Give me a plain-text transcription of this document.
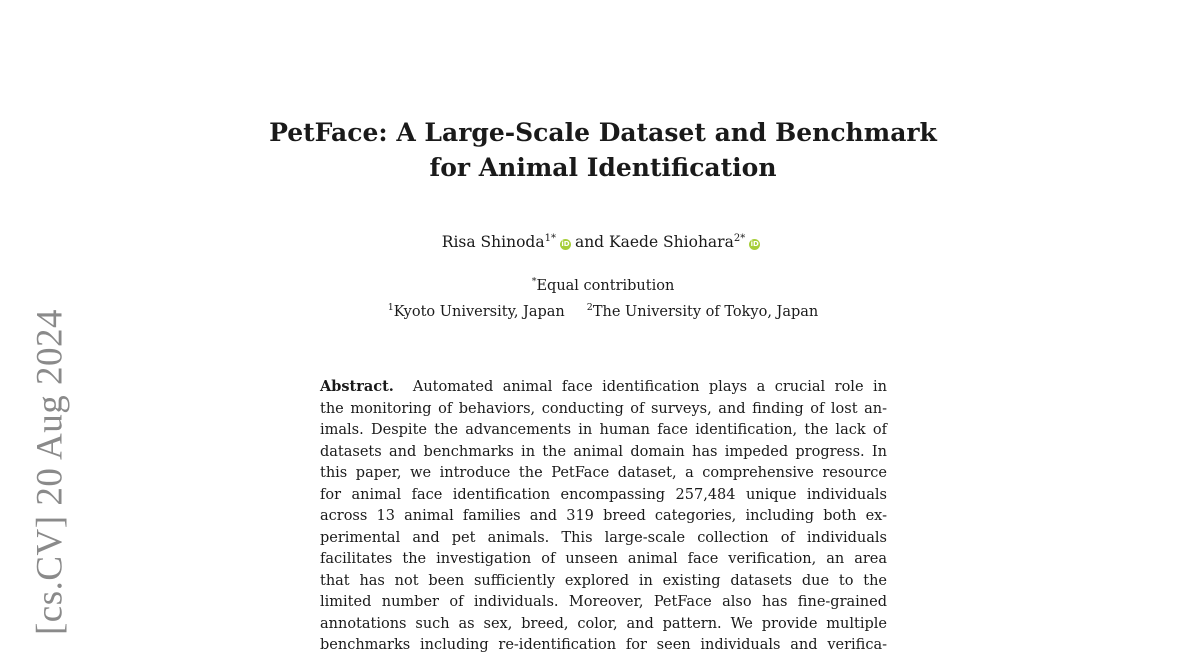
[cs.CV] 20 Aug 2024
PetFace: A Large-Scale Dataset and Benchmark
for Animal Identification
Risa Shinoda$^{1*}$iD and Kaede Shiohara$^{2*}$iD
*Equal contribution
$^1$Kyoto University, Japan $^2$The University of Tokyo, Japan
Abstract. Automated animal face identification plays a crucial role in
the monitoring of behaviors, conducting of surveys, and finding of lost an-
imals. Despite the advancements in human face identification, the lack of
datasets and benchmarks in the animal domain has impeded progress. In
this paper, we introduce the PetFace dataset, a comprehensive resource
for animal face identification encompassing 257,484 unique individuals
across 13 animal families and 319 breed categories, including both ex-
perimental and pet animals. This large-scale collection of individuals
facilitates the investigation of unseen animal face verification, an area
that has not been sufficiently explored in existing datasets due to the
limited number of individuals. Moreover, PetFace also has fine-grained
annotations such as sex, breed, color, and pattern. We provide multiple
benchmarks including re-identification for seen individuals and verifica-
